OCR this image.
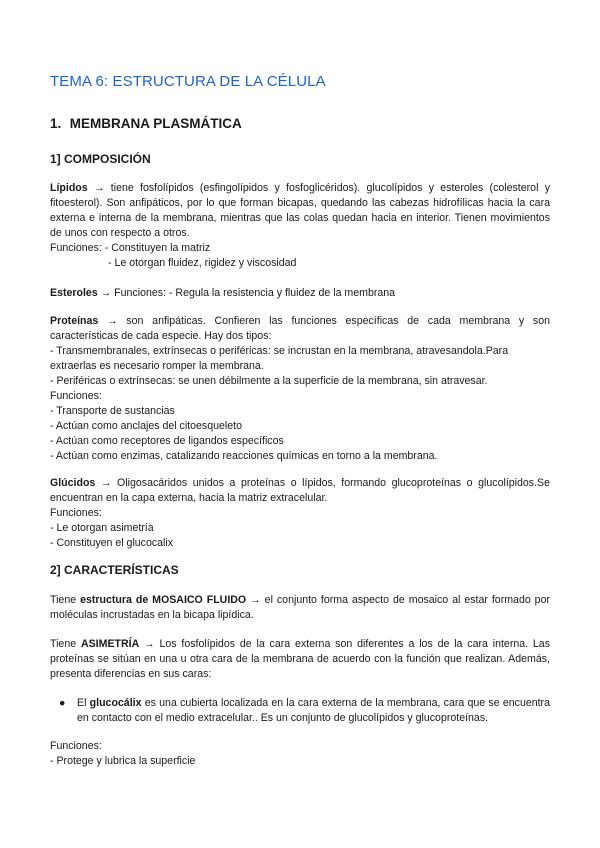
TEMA 6: ESTRUCTURA DE LA CÉLULA
1. MEMBRANA PLASMÁTICA
1] COMPOSICIÓN
Lípidos → tiene fosfolípidos (esfingolípidos y fosfoglicéridos). glucolípidos y esteroles (colesterol y fitoesterol). Son anfipáticos, por lo que forman bicapas, quedando las cabezas hidrofílicas hacia la cara externa e interna de la membrana, mientras que las colas quedan hacia en interior. Tienen movimientos de unos con respecto a otros.
Funciones: - Constituyen la matriz
- Le otorgan fluidez, rigidez y viscosidad
Esteroles → Funciones: - Regula la resistencia y fluidez de la membrana
Proteínas → son anfipáticas. Confieren las funciones específicas de cada membrana y son características de cada especie. Hay dos tipos:
- Transmembranales, extrínsecas o periféricas: se incrustan en la membrana, atravesandola.Para
extraerlas es necesario romper la membrana.
- Periféricas o extrínsecas: se unen débilmente a la superficie de la membrana, sin atravesar.
Funciones:
- Transporte de sustancias
- Actúan como anclajes del citoesqueleto
- Actúan como receptores de ligandos específicos
- Actúan como enzimas, catalizando reacciones químicas en torno a la membrana.
Glúcidos → Oligosacáridos unidos a proteínas o lípidos, formando glucoproteínas o glucolípidos.Se encuentran en la capa externa, hacia la matriz extracelular.
Funciones:
- Le otorgan asimetría
- Constituyen el glucocalix
2] CARACTERÍSTICAS
Tiene estructura de MOSAICO FLUIDO → el conjunto forma aspecto de mosaico al estar formado por moléculas incrustadas en la bicapa lipídica.
Tiene ASIMETRÍA → Los fosfolípidos de la cara externa son diferentes a los de la cara interna. Las proteínas se sitúan en una u otra cara de la membrana de acuerdo con la función que realizan. Además, presenta diferencias en sus caras:
● El glucocálix es una cubierta localizada en la cara externa de la membrana, cara que se encuentra en contacto con el medio extracelular.. Es un conjunto de glucolípidos y glucoproteínas.
Funciones:
- Protege y lubrica la superficie
